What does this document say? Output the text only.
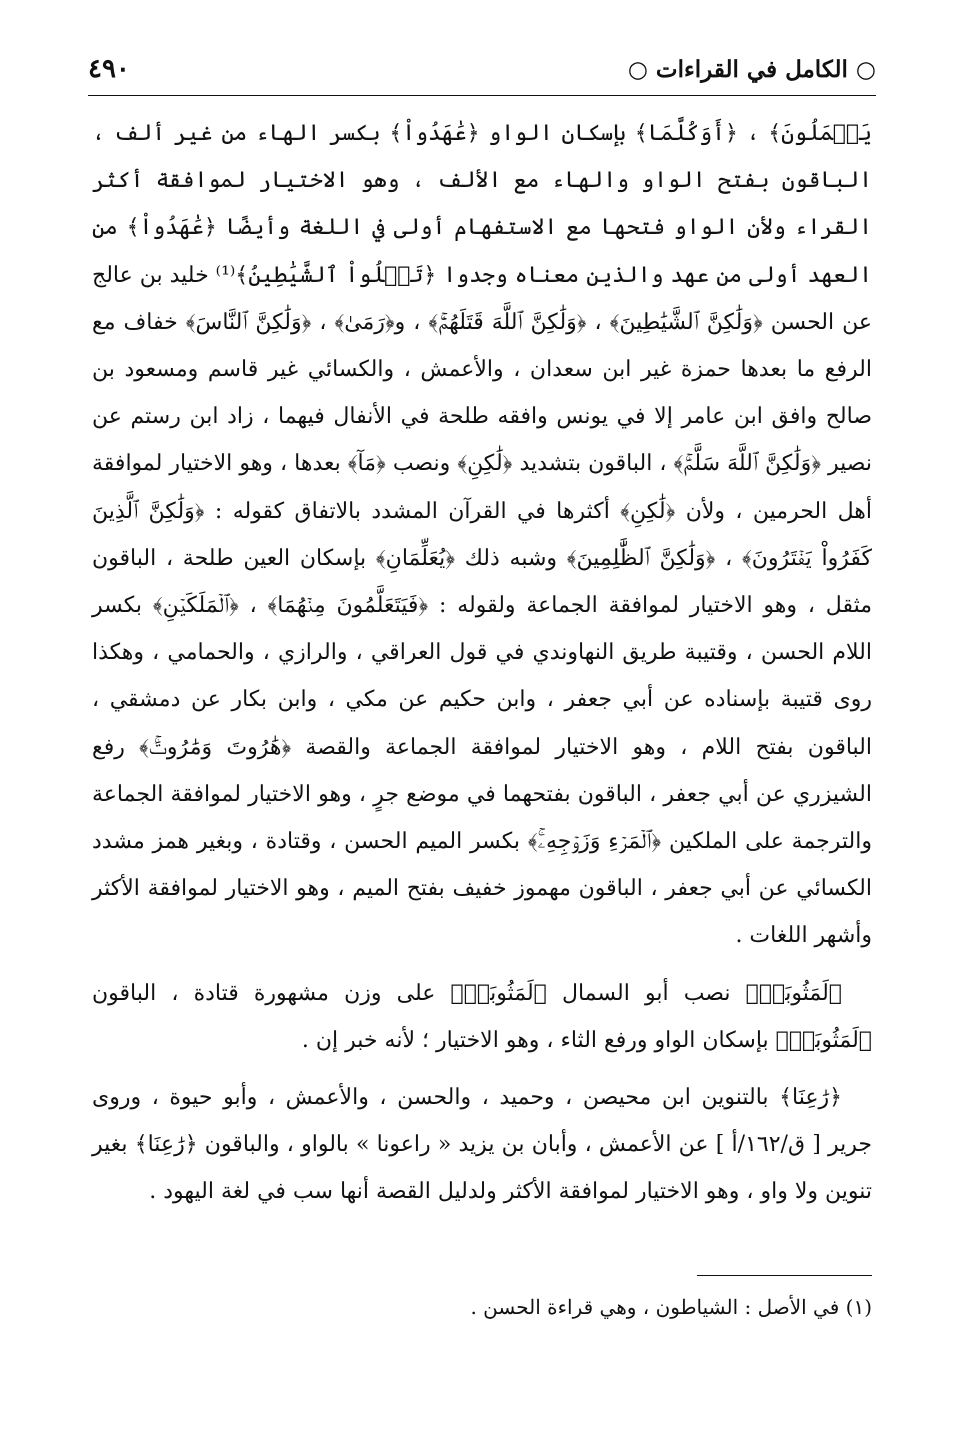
٤٩٠	○ الكامل في القراءات ○

يَعۡمَلُونَ﴾ ، ﴿أَوَكُلَّمَا﴾ بإسكان الواو ﴿عَٰهَدُواْ﴾ بكسر الهاء من غير ألف ، الباقون بفتح الواو والهاء مع الألف ، وهو الاختيار لموافقة أكثر القراء ولأن الواو فتحها مع الاستفهام أولى في اللغة وأيضًا ﴿عَٰهَدُواْ﴾ من العهد أولى من عهد والذين معناه وجدوا ﴿تَتۡلُواْ ٱلشَّيَٰطِينُ﴾⁽¹⁾ خليد بن عالج عن الحسن ﴿وَلَٰكِنَّ ٱلشَّيَٰطِينَ﴾ ، ﴿وَلَٰكِنَّ ٱللَّهَ قَتَلَهُمۡۚ﴾ ، و﴿رَمَىٰ﴾ ، ﴿وَلَٰكِنَّ ٱلنَّاسَ﴾ خفاف مع الرفع ما بعدها حمزة غير ابن سعدان ، والأعمش ، والكسائي غير قاسم ومسعود بن صالح وافق ابن عامر إلا في يونس وافقه طلحة في الأنفال فيهما ، زاد ابن رستم عن نصير ﴿وَلَٰكِنَّ ٱللَّهَ سَلَّمَۚ﴾ ، الباقون بتشديد ﴿لَٰكِنِ﴾ ونصب ﴿مَآ﴾ بعدها ، وهو الاختيار لموافقة أهل الحرمين ، ولأن ﴿لَٰكِنِ﴾ أكثرها في القرآن المشدد بالاتفاق كقوله : ﴿وَلَٰكِنَّ ٱلَّذِينَ كَفَرُواْ يَفۡتَرُونَ﴾ ، ﴿وَلَٰكِنَّ ٱلظَّٰلِمِينَ﴾ وشبه ذلك ﴿يُعَلِّمَانِ﴾ بإسكان العين طلحة ، الباقون مثقل ، وهو الاختيار لموافقة الجماعة ولقوله : ﴿فَيَتَعَلَّمُونَ مِنۡهُمَا﴾ ، ﴿ٱلۡمَلَكَيۡنِ﴾ بكسر اللام الحسن ، وقتيبة طريق النهاوندي في قول العراقي ، والرازي ، والحمامي ، وهكذا روى قتيبة بإسناده عن أبي جعفر ، وابن حكيم عن مكي ، وابن بكار عن دمشقي ، الباقون بفتح اللام ، وهو الاختيار لموافقة الجماعة والقصة ﴿هَٰرُوتَ وَمَٰرُوتَۚ﴾ رفع الشيزري عن أبي جعفر ، الباقون بفتحهما في موضع جرٍ ، وهو الاختيار لموافقة الجماعة والترجمة على الملكين ﴿ٱلۡمَرۡءِ وَزَوۡجِهِۦۚ﴾ بكسر الميم الحسن ، وقتادة ، وبغير همز مشدد الكسائي عن أبي جعفر ، الباقون مهموز خفيف بفتح الميم ، وهو الاختيار لموافقة الأكثر وأشهر اللغات .

﴿لَمَثُوبَةٞ﴾ نصب أبو السمال ﴿لَمَثُوبَةٞ﴾ على وزن مشهورة قتادة ، الباقون ﴿لَمَثُوبَةٞ﴾ بإسكان الواو ورفع الثاء ، وهو الاختيار ؛ لأنه خبر إن .

﴿رَٰعِنَا﴾ بالتنوين ابن محيصن ، وحميد ، والحسن ، والأعمش ، وأبو حيوة ، وروى جرير [ ق/١٦٢/أ ] عن الأعمش ، وأبان بن يزيد « راعونا » بالواو ، والباقون ﴿رَٰعِنَا﴾ بغير تنوين ولا واو ، وهو الاختيار لموافقة الأكثر ولدليل القصة أنها سب في لغة اليهود .

(١) في الأصل : الشياطون ، وهي قراءة الحسن .
